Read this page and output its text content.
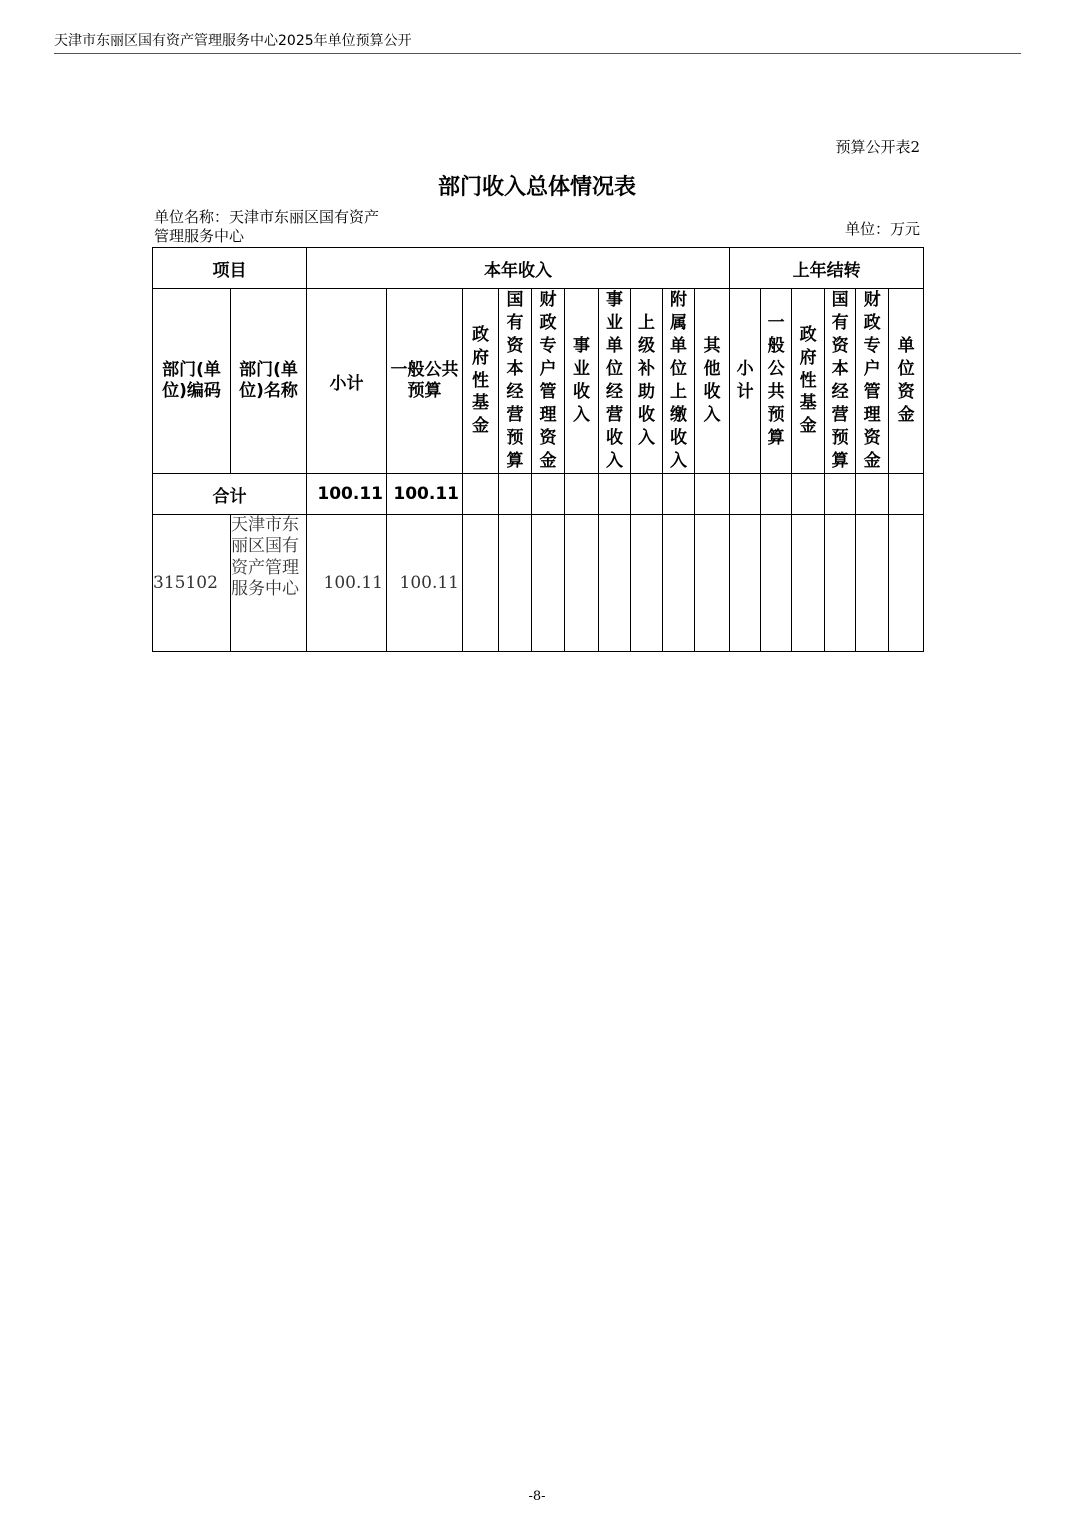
天津市东丽区国有资产管理服务中心2025年单位预算公开
预算公开表2
部门收入总体情况表
单位名称：天津市东丽区国有资产管理服务中心	单位：万元
项目		本年收入										上年结转					
部门(单位)编码	部门(单位)名称	小计	一般公共预算	政府性基金	国有资本经营预算	财政专户管理资金	事业收入	事业单位经营收入	上级补助收入	附属单位上缴收入	其他收入	小计	一般公共预算	政府性基金	国有资本经营预算	财政专户管理资金	单位资金
合计		100.11	100.11														
315102	天津市东丽区国有资产管理服务中心	100.11	100.11														
-8-
